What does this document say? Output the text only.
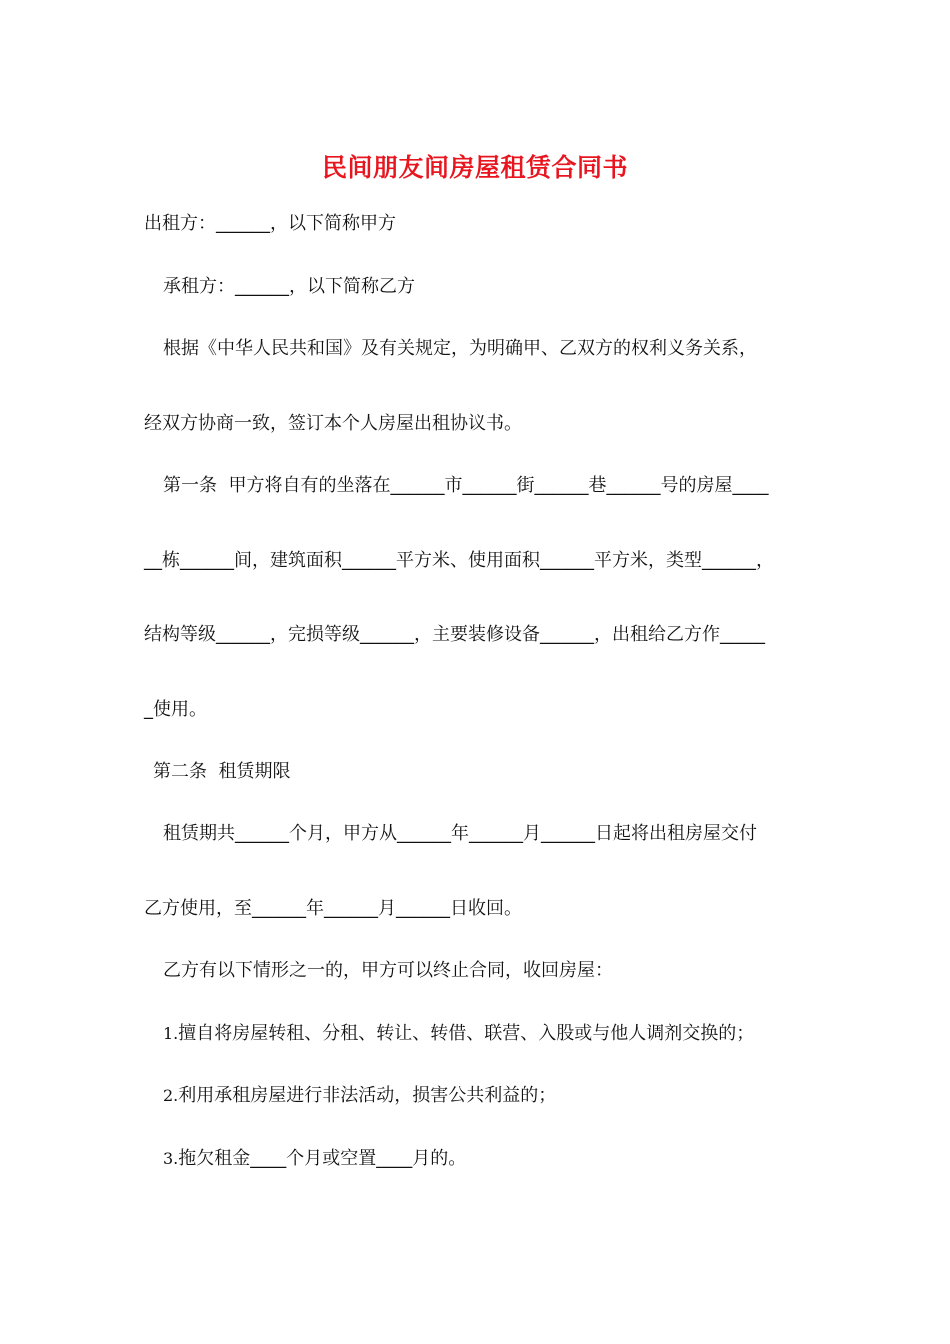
民间朋友间房屋租赁合同书
出租方：______，以下简称甲方
承租方：______，以下简称乙方
根据《中华人民共和国》及有关规定，为明确甲、乙双方的权利义务关系，
经双方协商一致，签订本个人房屋出租协议书。
第一条  甲方将自有的坐落在______市______街______巷______号的房屋____
__栋______间，建筑面积______平方米、使用面积______平方米，类型______，
结构等级______，完损等级______，主要装修设备______，出租给乙方作_____
_使用。
第二条  租赁期限
租赁期共______个月，甲方从______年______月______日起将出租房屋交付
乙方使用，至______年______月______日收回。
乙方有以下情形之一的，甲方可以终止合同，收回房屋：
1.擅自将房屋转租、分租、转让、转借、联营、入股或与他人调剂交换的；
2.利用承租房屋进行非法活动，损害公共利益的；
3.拖欠租金____个月或空置____月的。
